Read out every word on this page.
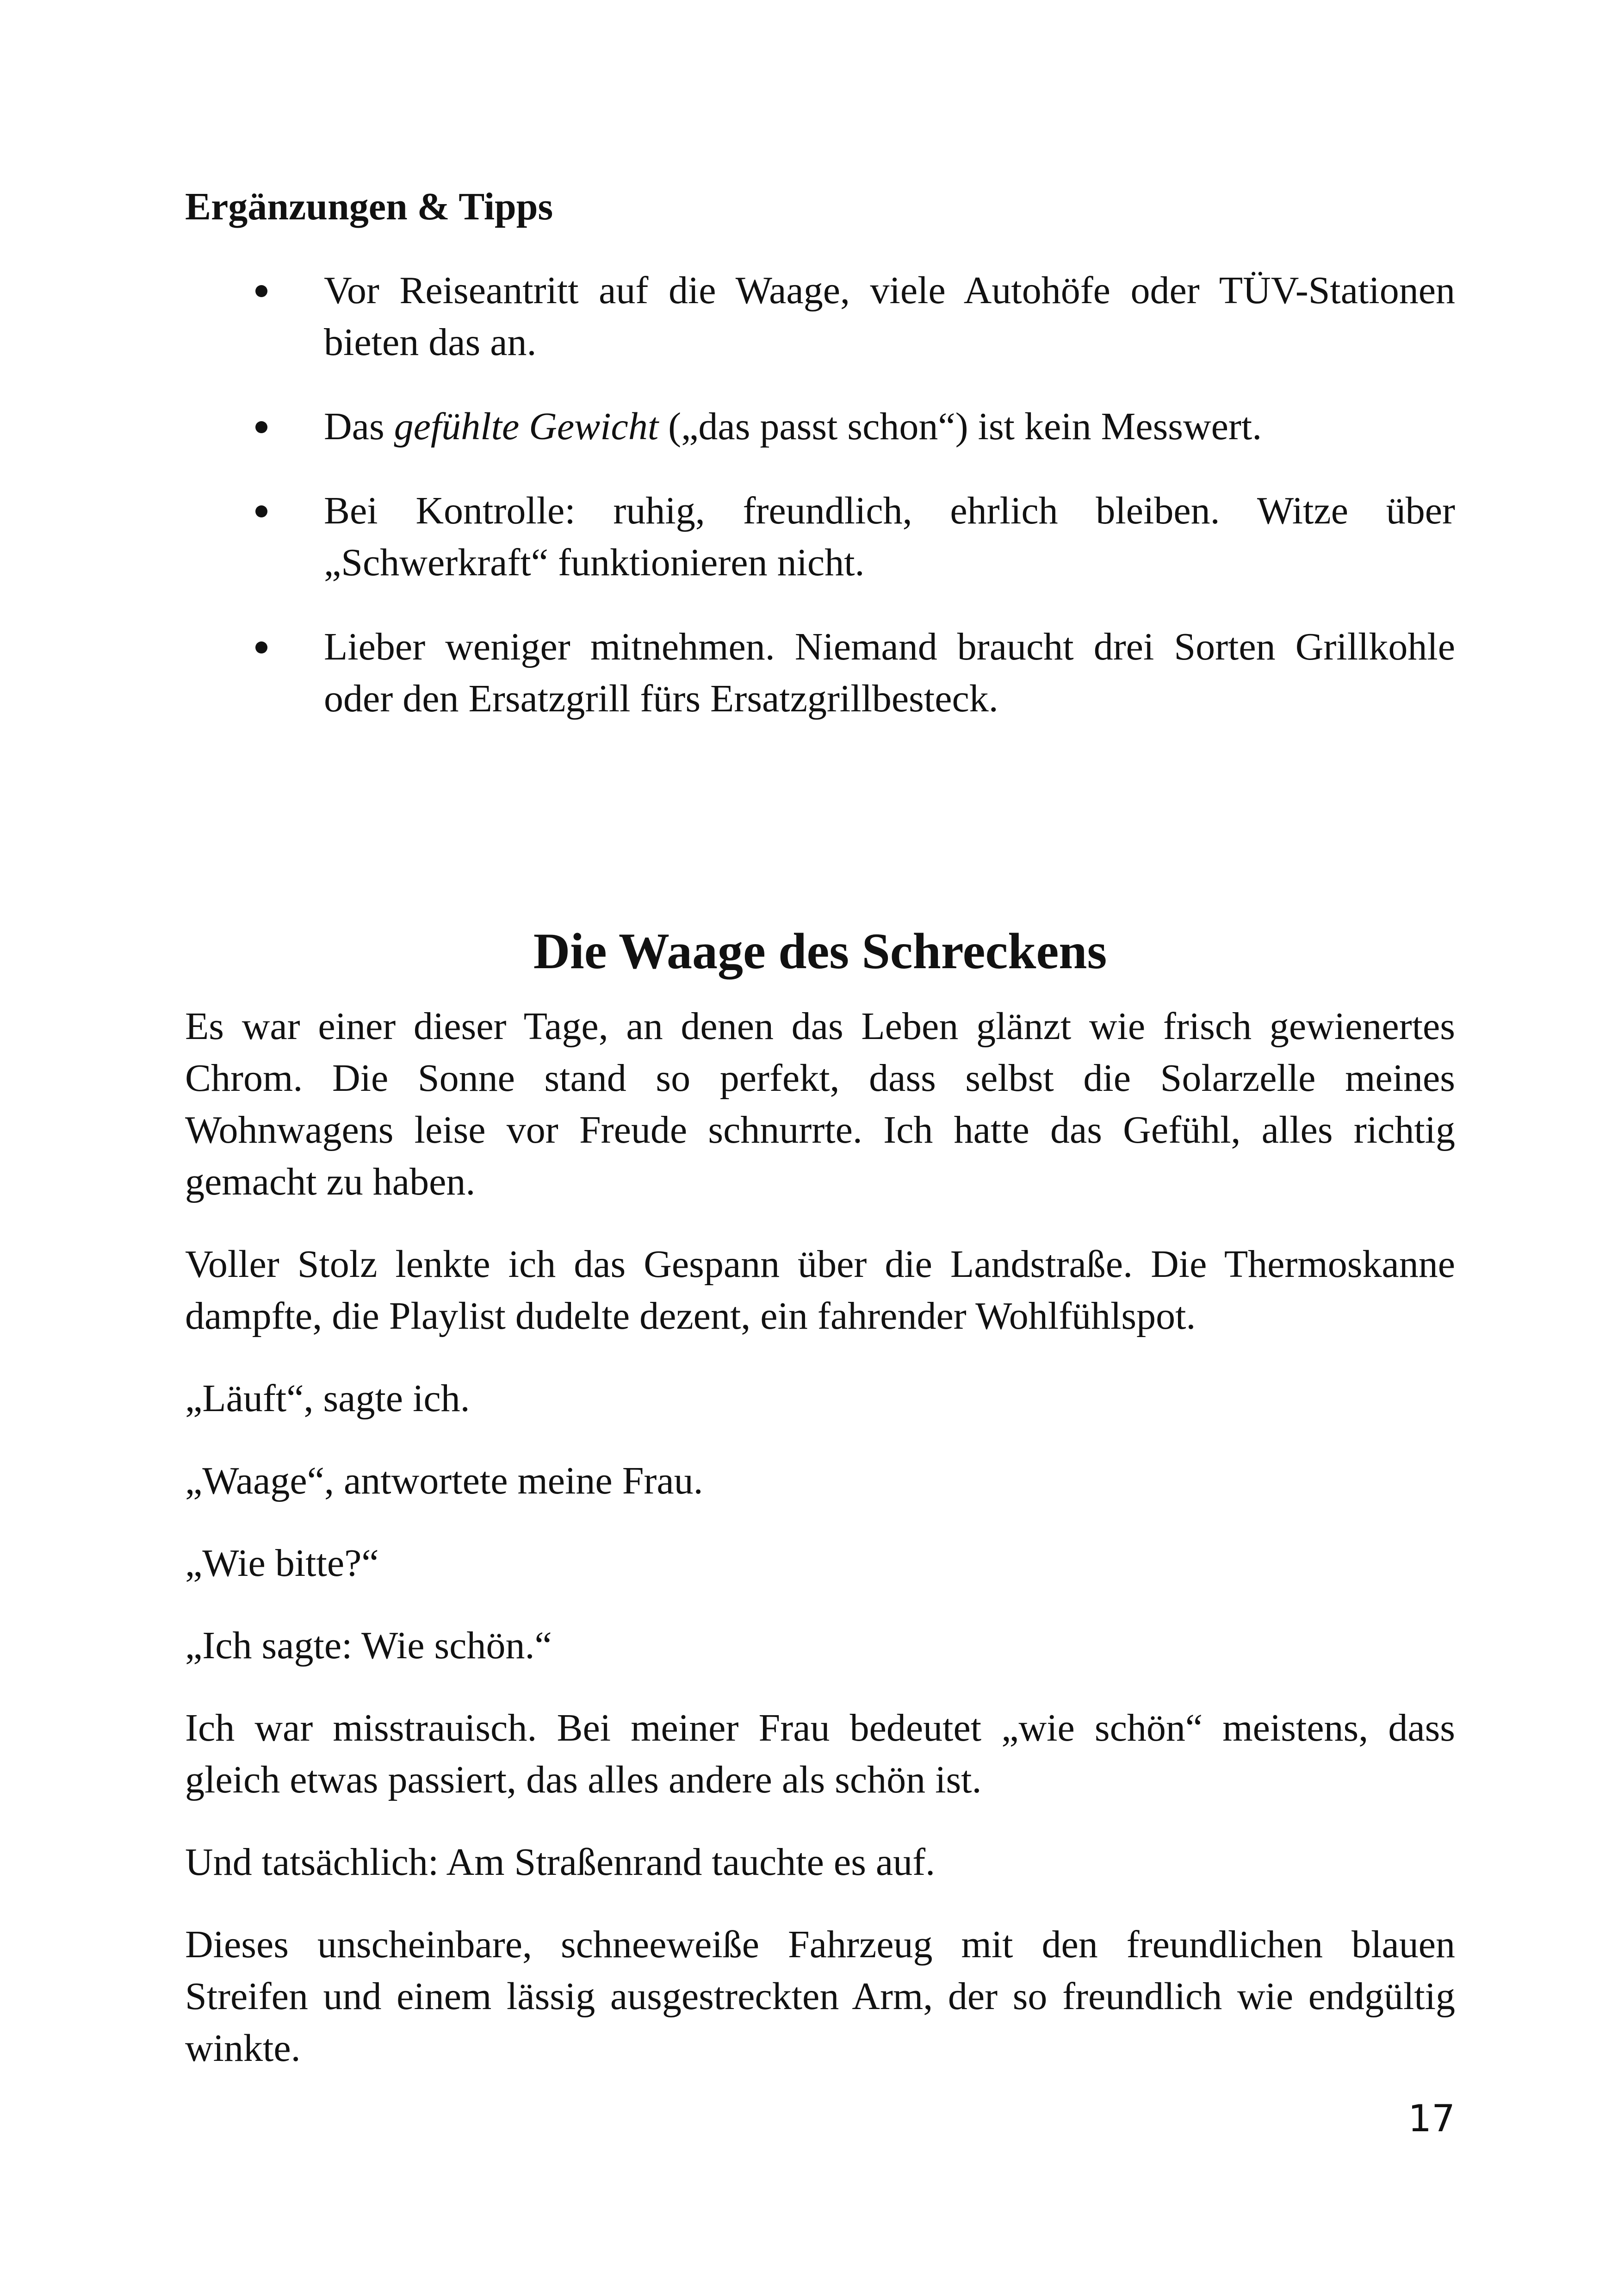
Ergänzungen & Tipps
Vor Reiseantritt auf die Waage, viele Autohöfe oder TÜV-Stationen bieten das an.
Das gefühlte Gewicht („das passt schon“) ist kein Messwert.
Bei Kontrolle: ruhig, freundlich, ehrlich bleiben. Witze über „Schwerkraft“ funktionieren nicht.
Lieber weniger mitnehmen. Niemand braucht drei Sorten Grillkohle oder den Ersatzgrill fürs Ersatzgrillbesteck.
Die Waage des Schreckens

Es war einer dieser Tage, an denen das Leben glänzt wie frisch gewienertes Chrom. Die Sonne stand so perfekt, dass selbst die Solarzelle meines Wohnwagens leise vor Freude schnurrte. Ich hatte das Gefühl, alles richtig gemacht zu haben.

Voller Stolz lenkte ich das Gespann über die Landstraße. Die Thermoskanne dampfte, die Playlist dudelte dezent, ein fahrender Wohlfühlspot.

„Läuft“, sagte ich.

„Waage“, antwortete meine Frau.

„Wie bitte?“

„Ich sagte: Wie schön.“

Ich war misstrauisch. Bei meiner Frau bedeutet „wie schön“ meistens, dass gleich etwas passiert, das alles andere als schön ist.

Und tatsächlich: Am Straßenrand tauchte es auf.

Dieses unscheinbare, schneeweiße Fahrzeug mit den freundlichen blauen Streifen und einem lässig ausgestreckten Arm, der so freundlich wie endgültig winkte.

17
